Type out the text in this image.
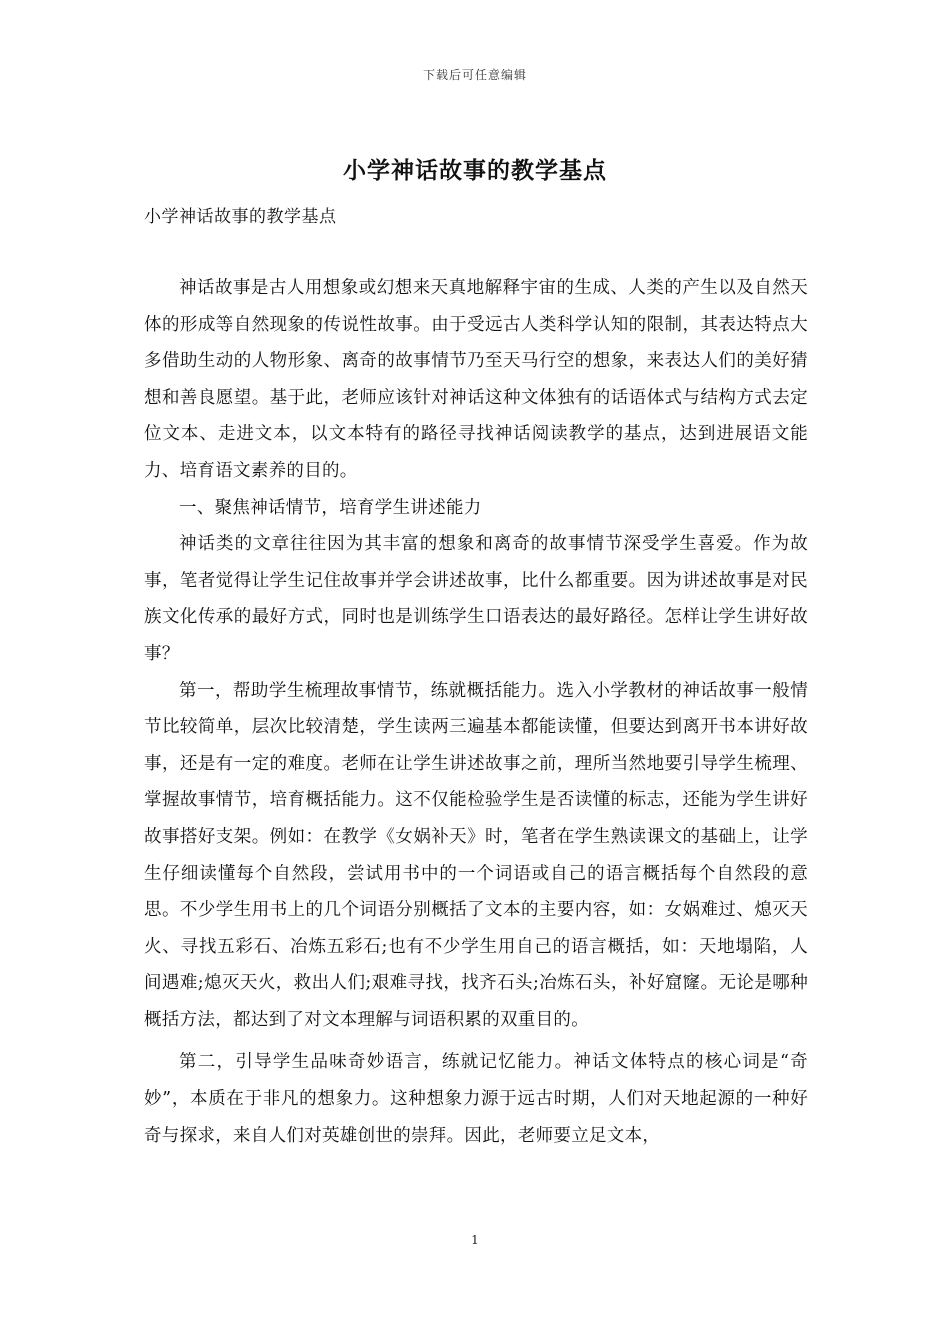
下载后可任意编辑
小学神话故事的教学基点

小学神话故事的教学基点

神话故事是古人用想象或幻想来天真地解释宇宙的生成、人类的产生以及自然天体的形成等自然现象的传说性故事。由于受远古人类科学认知的限制，其表达特点大多借助生动的人物形象、离奇的故事情节乃至天马行空的想象，来表达人们的美好猜想和善良愿望。基于此，老师应该针对神话这种文体独有的话语体式与结构方式去定位文本、走进文本，以文本特有的路径寻找神话阅读教学的基点，达到进展语文能力、培育语文素养的目的。

一、聚焦神话情节，培育学生讲述能力

神话类的文章往往因为其丰富的想象和离奇的故事情节深受学生喜爱。作为故事，笔者觉得让学生记住故事并学会讲述故事，比什么都重要。因为讲述故事是对民族文化传承的最好方式，同时也是训练学生口语表达的最好路径。怎样让学生讲好故事？

第一，帮助学生梳理故事情节，练就概括能力。选入小学教材的神话故事一般情节比较简单，层次比较清楚，学生读两三遍基本都能读懂，但要达到离开书本讲好故事，还是有一定的难度。老师在让学生讲述故事之前，理所当然地要引导学生梳理、掌握故事情节，培育概括能力。这不仅能检验学生是否读懂的标志，还能为学生讲好故事搭好支架。例如：在教学《女娲补天》时，笔者在学生熟读课文的基础上，让学生仔细读懂每个自然段，尝试用书中的一个词语或自己的语言概括每个自然段的意思。不少学生用书上的几个词语分别概括了文本的主要内容，如：女娲难过、熄灭天火、寻找五彩石、冶炼五彩石;也有不少学生用自己的语言概括，如：天地塌陷，人间遇难;熄灭天火，救出人们;艰难寻找，找齐石头;冶炼石头，补好窟窿。无论是哪种概括方法，都达到了对文本理解与词语积累的双重目的。

第二，引导学生品味奇妙语言，练就记忆能力。神话文体特点的核心词是“奇妙”，本质在于非凡的想象力。这种想象力源于远古时期，人们对天地起源的一种好奇与探求，来自人们对英雄创世的崇拜。因此，老师要立足文本，

1
